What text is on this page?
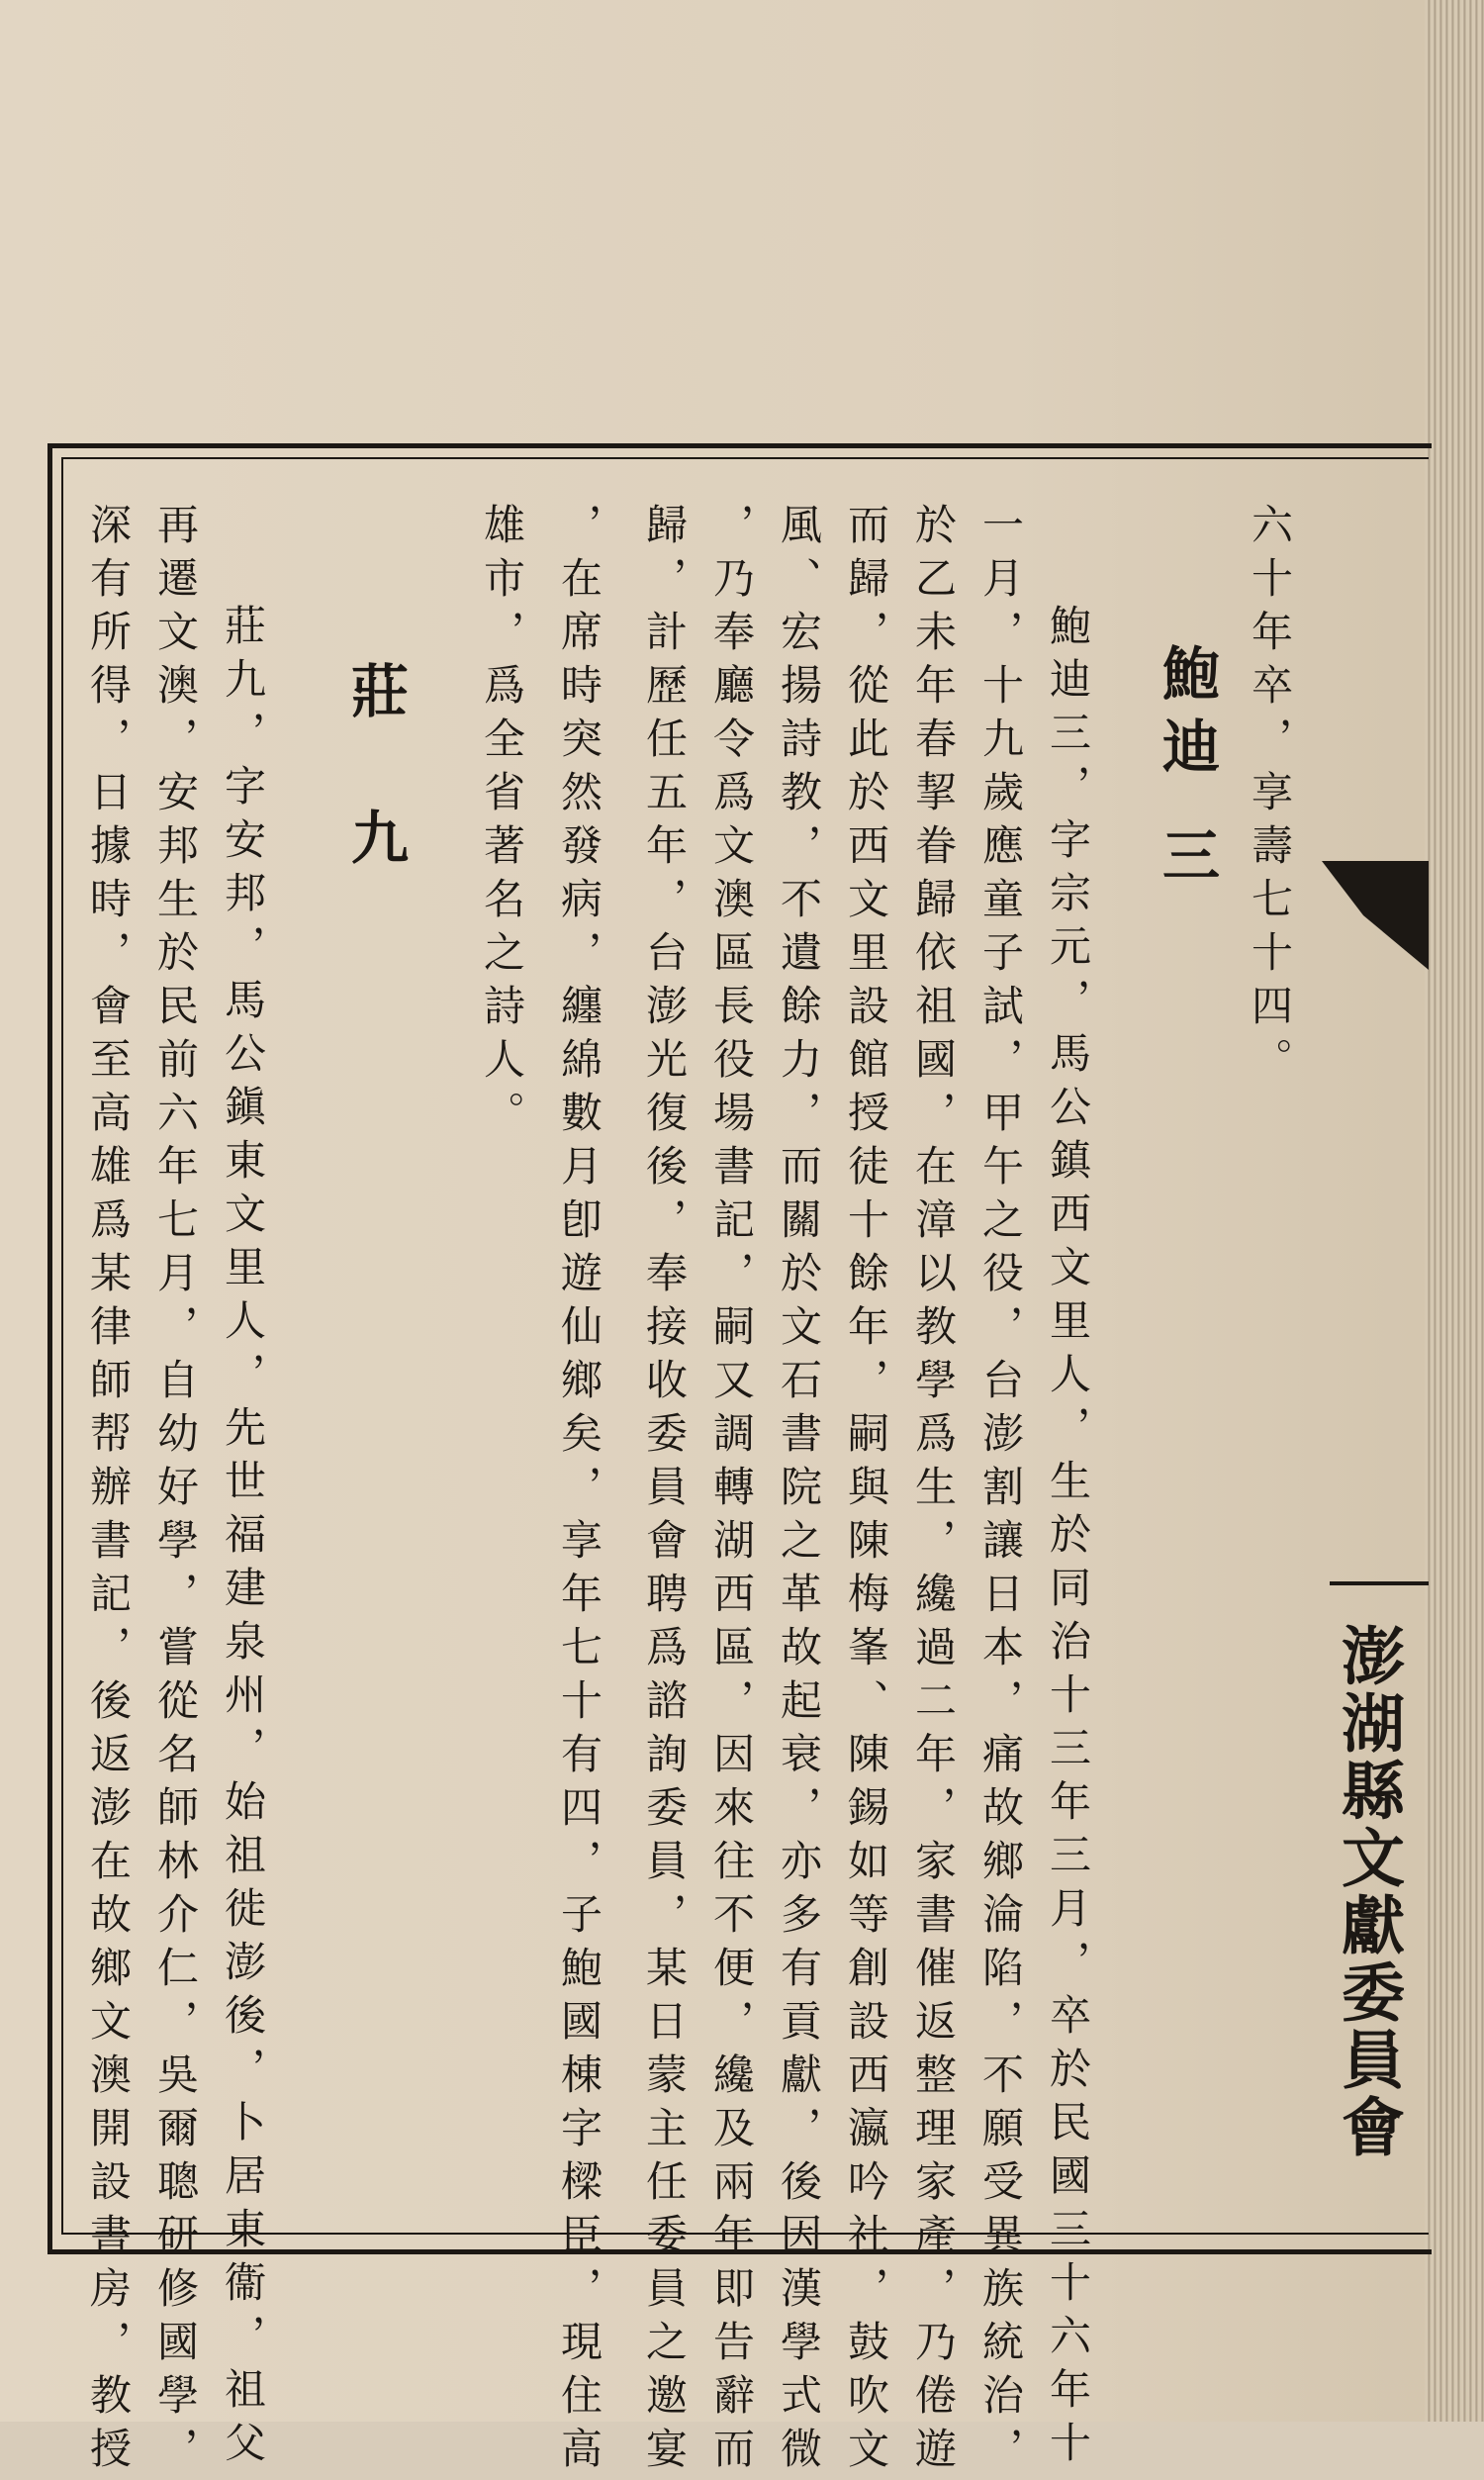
澎湖縣文獻委員會
六十年卒，享壽七十四。
鮑迪 三
鮑迪三，字宗元，馬公鎮西文里人，生於同治十三年三月，卒於民國三十六年十
一月，十九歲應童子試，甲午之役，台澎割讓日本，痛故鄉淪陷，不願受異族統治，
於乙未年春挈眷歸依祖國，在漳以教學爲生，纔過二年，家書催返整理家產，乃倦遊
而歸，從此於西文里設館授徒十餘年，嗣與陳梅峯、陳錫如等創設西瀛吟社，鼓吹文
風、宏揚詩教，不遺餘力，而關於文石書院之革故起衰，亦多有貢獻，後因漢學式微
，乃奉廳令爲文澳區長役場書記，嗣又調轉湖西區，因來往不便，纔及兩年即告辭而
歸，計歷任五年，台澎光復後，奉接收委員會聘爲諮詢委員，某日蒙主任委員之邀宴
，在席時突然發病，纏綿數月卽遊仙鄉矣，享年七十有四，子鮑國棟字樑臣，現住高
雄市，爲全省著名之詩人。
莊　九
莊九，字安邦，馬公鎭東文里人，先世福建泉州，始祖徙澎後，卜居東衞，祖父
再遷文澳，安邦生於民前六年七月，自幼好學，嘗從名師林介仁，吳爾聰研修國學，
深有所得，日據時，會至高雄爲某律師帮辦書記，後返澎在故鄉文澳開設書房，教授
